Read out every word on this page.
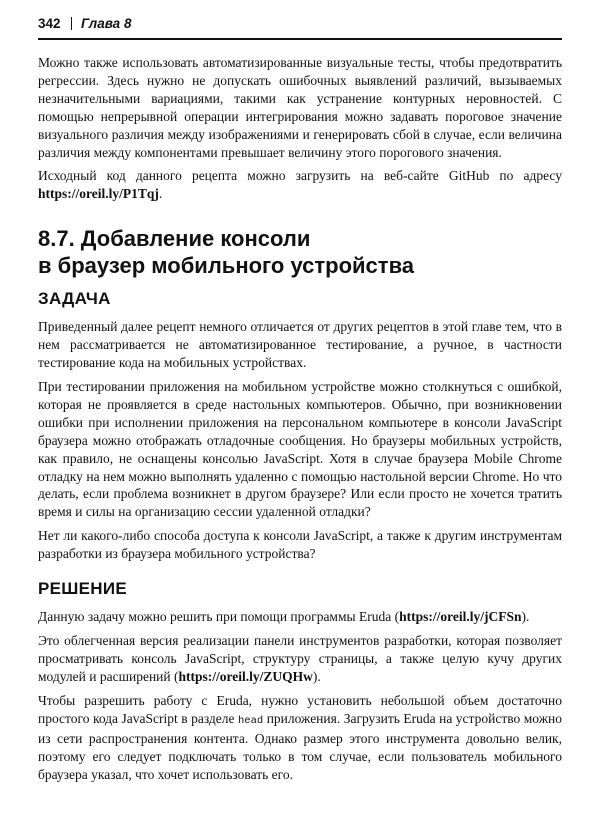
342 Глава 8

Можно также использовать автоматизированные визуальные тесты, чтобы предотвратить регрессии. Здесь нужно не допускать ошибочных выявлений различий, вызываемых незначительными вариациями, такими как устранение контурных неровностей. С помощью непрерывной операции интегрирования можно задавать пороговое значение визуального различия между изображениями и генерировать сбой в случае, если величина различия между компонентами превышает величину этого порогового значения.

Исходный код данного рецепта можно загрузить на веб-сайте GitHub по адресу https://oreil.ly/P1Tqj.

8.7. Добавление консоли
в браузер мобильного устройства
ЗАДАЧА

Приведенный далее рецепт немного отличается от других рецептов в этой главе тем, что в нем рассматривается не автоматизированное тестирование, а ручное, в частности тестирование кода на мобильных устройствах.

При тестировании приложения на мобильном устройстве можно столкнуться с ошибкой, которая не проявляется в среде настольных компьютеров. Обычно, при возникновении ошибки при исполнении приложения на персональном компьютере в консоли JavaScript браузера можно отображать отладочные сообщения. Но браузеры мобильных устройств, как правило, не оснащены консолью JavaScript. Хотя в случае браузера Mobile Chrome отладку на нем можно выполнять удаленно с помощью настольной версии Chrome. Но что делать, если проблема возникнет в другом браузере? Или если просто не хочется тратить время и силы на организацию сессии удаленной отладки?

Нет ли какого-либо способа доступа к консоли JavaScript, а также к другим инструментам разработки из браузера мобильного устройства?

РЕШЕНИЕ

Данную задачу можно решить при помощи программы Eruda (https://oreil.ly/jCFSn).

Это облегченная версия реализации панели инструментов разработки, которая позволяет просматривать консоль JavaScript, структуру страницы, а также целую кучу других модулей и расширений (https://oreil.ly/ZUQHw).

Чтобы разрешить работу с Eruda, нужно установить небольшой объем достаточно простого кода JavaScript в разделе head приложения. Загрузить Eruda на устройство можно из сети распространения контента. Однако размер этого инструмента довольно велик, поэтому его следует подключать только в том случае, если пользователь мобильного браузера указал, что хочет использовать его.
